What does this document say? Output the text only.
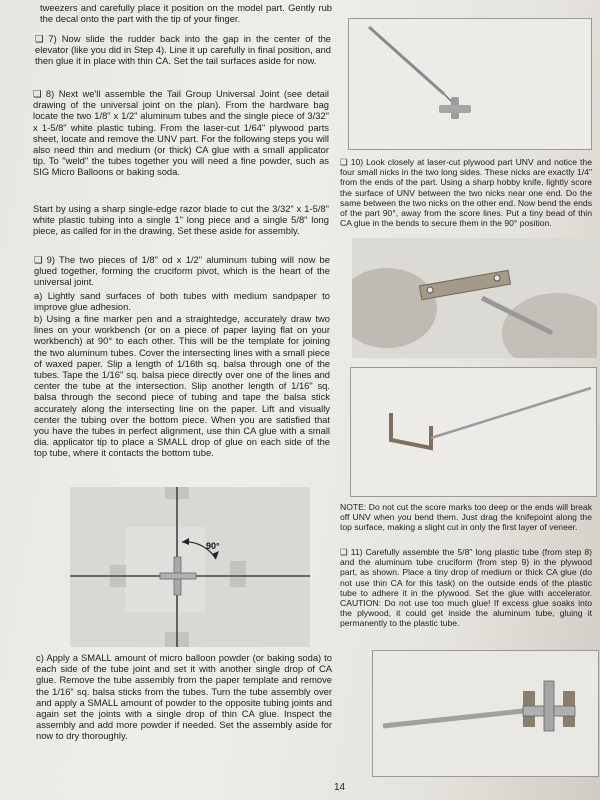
tweezers and carefully place it position on the model part. Gently rub the decal onto the part with the tip of your finger.

❑ 7) Now slide the rudder back into the gap in the center of the elevator (like you did in Step 4). Line it up carefully in final position, and then glue it in place with thin CA. Set the tail surfaces aside for now.

❑ 8) Next we'll assemble the Tail Group Universal Joint (see detail drawing of the universal joint on the plan). From the hardware bag locate the two 1/8" x 1/2" aluminum tubes and the single piece of 3/32" x 1-5/8" white plastic tubing. From the laser-cut 1/64" plywood parts sheet, locate and remove the UNV part. For the following steps you will also need thin and medium (or thick) CA glue with a small applicator tip. To "weld" the tubes together you will need a fine powder, such as SIG Micro Balloons or baking soda.

Start by using a sharp single-edge razor blade to cut the 3/32" x 1-5/8" white plastic tubing into a single 1" long piece and a single 5/8" long piece, as called for in the drawing. Set these aside for assembly.

❑ 9) The two pieces of 1/8" od x 1/2" aluminum tubing will now be glued together, forming the cruciform pivot, which is the heart of the universal joint.

a) Lightly sand surfaces of both tubes with medium sandpaper to improve glue adhesion.

b) Using a fine marker pen and a straightedge, accurately draw two lines on your workbench (or on a piece of paper laying flat on your workbench) at 90° to each other. This will be the template for joining the two aluminum tubes. Cover the intersecting lines with a small piece of waxed paper. Slip a length of 1/16th sq. balsa through one of the tubes. Tape the 1/16" sq. balsa piece directly over one of the lines and center the tube at the intersection. Slip another length of 1/16" sq. balsa through the second piece of tubing and tape the balsa stick accurately along the intersecting line on the paper. Lift and visually center the tubing over the bottom piece. When you are satisfied that you have the tubes in perfect alignment, use thin CA glue with a small dia. applicator tip to place a SMALL drop of glue on each side of the top tube, where it contacts the bottom tube.

c) Apply a SMALL amount of micro balloon powder (or baking soda) to each side of the tube joint and set it with another single drop of CA glue. Remove the tube assembly from the paper template and remove the 1/16" sq. balsa sticks from the tubes. Turn the tube assembly over and apply a SMALL amount of powder to the opposite tubing joints and again set the joints with a single drop of thin CA glue. Inspect the assembly and add more powder if needed. Set the assembly aside for now to dry thoroughly.

90°

❑ 10) Look closely at laser-cut plywood part UNV and notice the four small nicks in the two long sides. These nicks are exactly 1/4" from the ends of the part. Using a sharp hobby knife, lightly score the surface of UNV between the two nicks near one end. Do the same between the two nicks on the other end. Now bend the ends of the part 90°, away from the score lines. Put a tiny bead of thin CA glue in the bends to secure them in the 90° position.

NOTE: Do not cut the score marks too deep or the ends will break off UNV when you bend them. Just drag the knifepoint along the top surface, making a slight cut in only the first layer of veneer.

❑ 11) Carefully assemble the 5/8" long plastic tube (from step 8) and the aluminum tube cruciform (from step 9) in the plywood part, as shown. Place a tiny drop of medium or thick CA glue (do not use thin CA for this task) on the outside ends of the plastic tube to adhere it in the plywood. Set the glue with accelerator. CAUTION: Do not use too much glue! If excess glue soaks into the plywood, it could get inside the aluminum tube, gluing it permanently to the plastic tube.

14
